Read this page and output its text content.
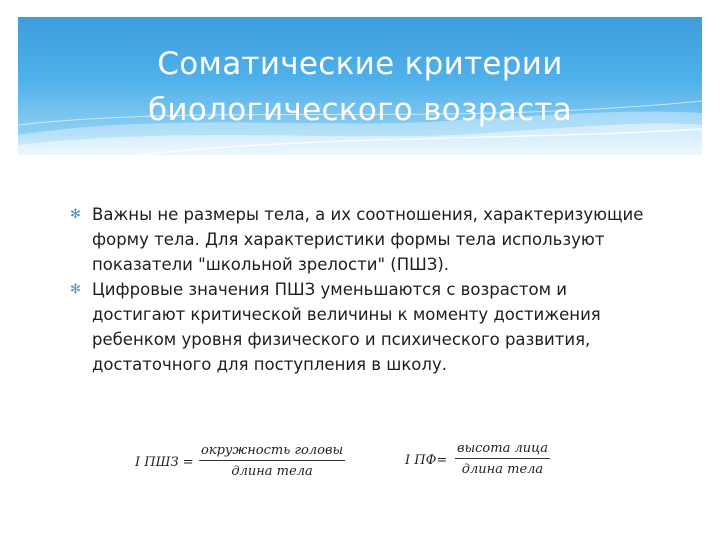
Соматические критерии
биологического возраста
✻ Важны не размеры тела, а их соотношения, характеризующие форму тела. Для характеристики формы тела используют показатели "школьной зрелости" (ПШЗ).
✻ Цифровые значения ПШЗ уменьшаются с возрастом и достигают критической величины к моменту достижения ребенком уровня физического и психического развития, достаточного для поступления в школу.
I ПШЗ =
окружность головы
длина тела
I ПФ=
высота лица
длина тела
